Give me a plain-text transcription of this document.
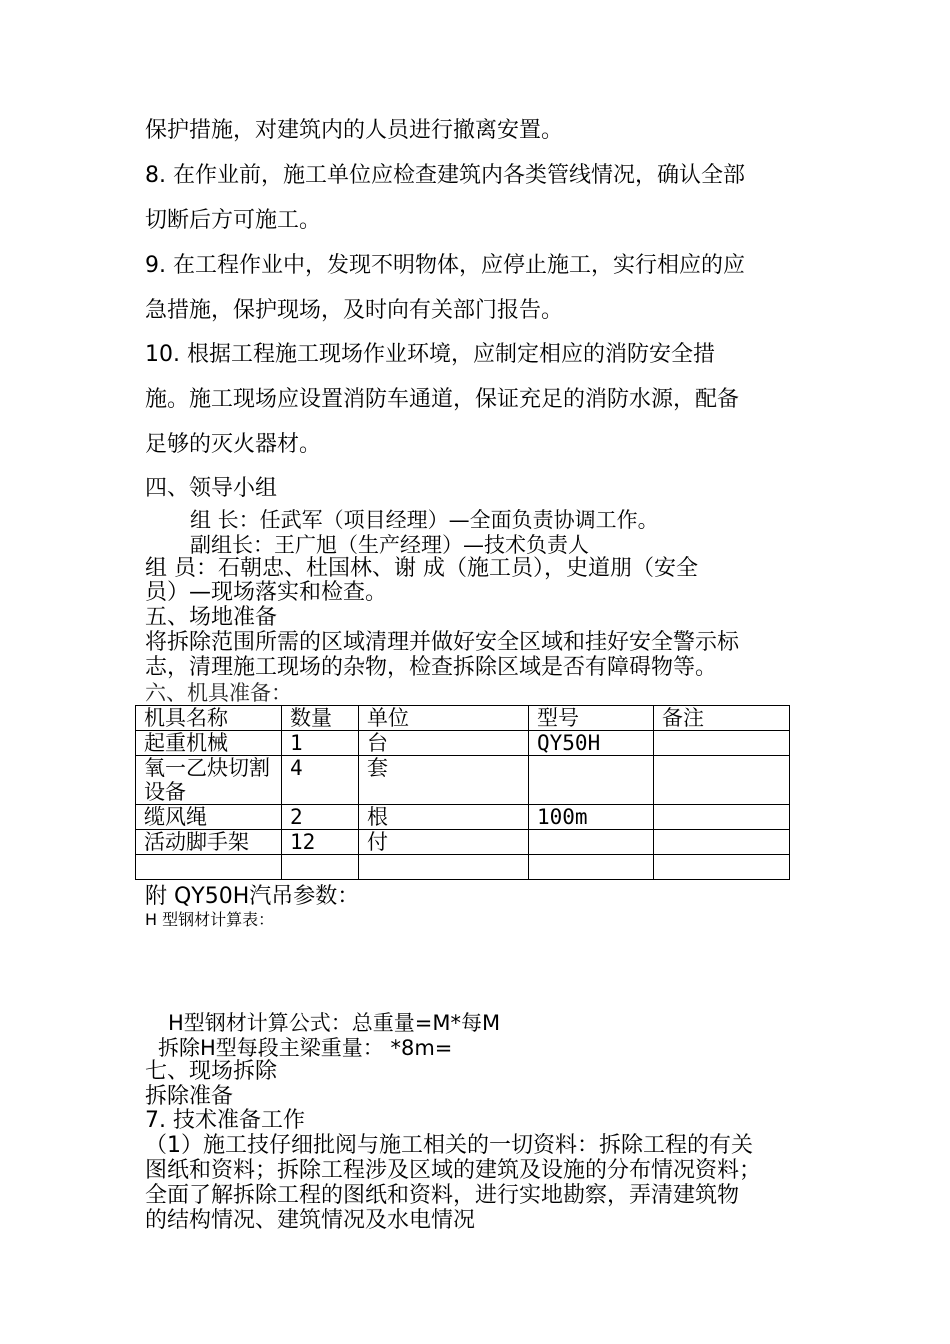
保护措施，对建筑内的人员进行撤离安置。
8. 在作业前，施工单位应检查建筑内各类管线情况，确认全部
切断后方可施工。
9. 在工程作业中，发现不明物体，应停止施工，实行相应的应
急措施，保护现场，及时向有关部门报告。
10. 根据工程施工现场作业环境，应制定相应的消防安全措
施。施工现场应设置消防车通道，保证充足的消防水源，配备
足够的灭火器材。
四、领导小组
组 长：任武军（项目经理）—全面负责协调工作。
副组长：王广旭（生产经理）—技术负责人
组 员：石朝忠、杜国林、谢 成（施工员），史道朋（安全
员）—现场落实和检查。
五、场地准备
将拆除范围所需的区域清理并做好安全区域和挂好安全警示标
志，清理施工现场的杂物，检查拆除区域是否有障碍物等。
六、机具准备：
机具名称	数量	单位	型号	备注
起重机械	1	台	QY50H	
氧一乙炔切割设备	4	套		
缆风绳	2	根	100m	
活动脚手架	12	付		

附 QY50H汽吊参数：
H 型钢材计算表：
H型钢材计算公式：总重量=M*每M
拆除H型每段主梁重量： *8m=
七、现场拆除
拆除准备
7. 技术准备工作
（1）施工技仔细批阅与施工相关的一切资料：拆除工程的有关
图纸和资料；拆除工程涉及区域的建筑及设施的分布情况资料；
全面了解拆除工程的图纸和资料，进行实地勘察，弄清建筑物
的结构情况、建筑情况及水电情况
